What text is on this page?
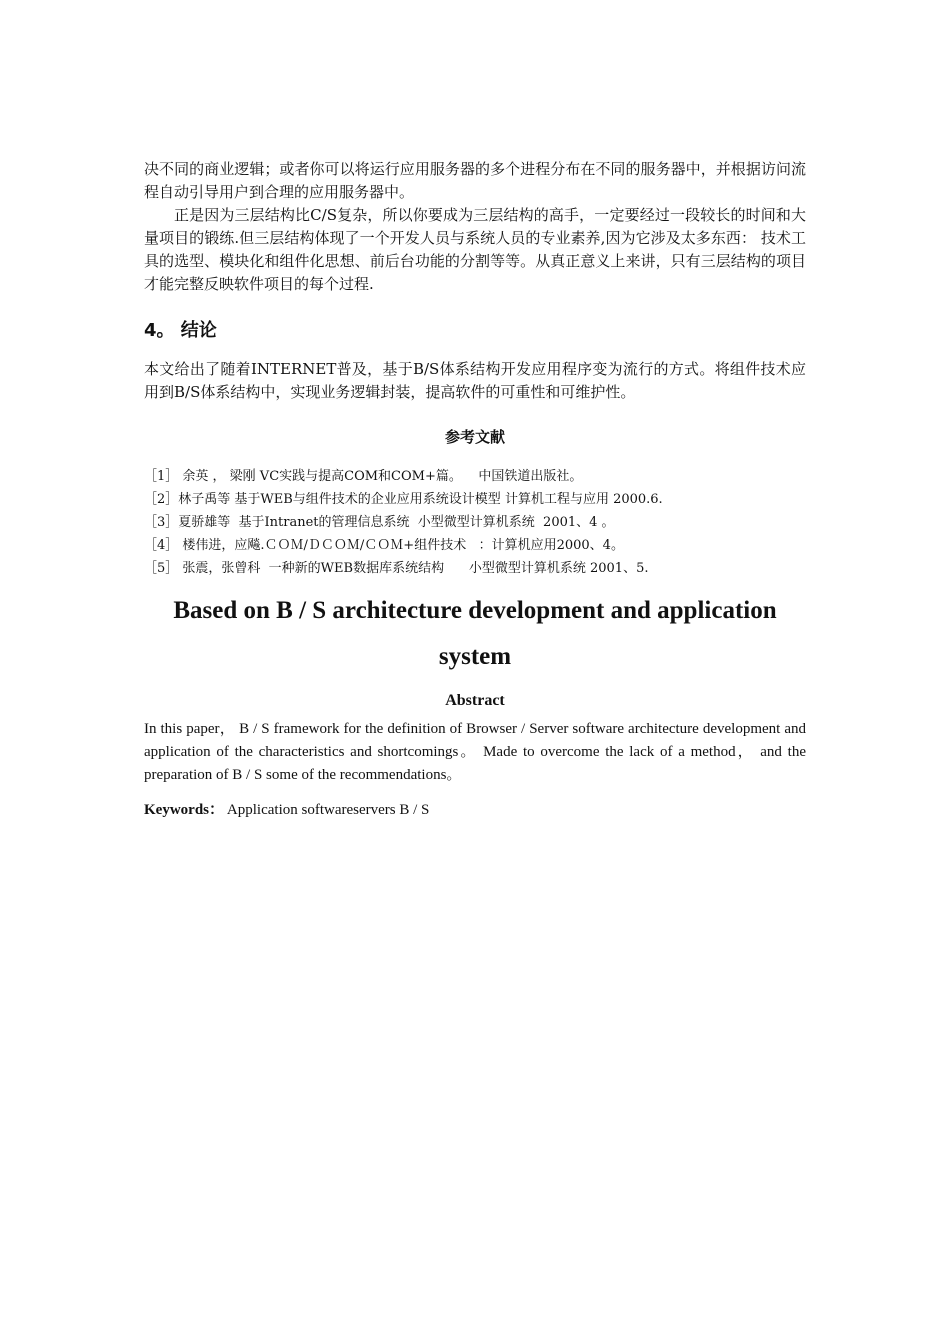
决不同的商业逻辑；或者你可以将运行应用服务器的多个进程分布在不同的服务器中，并根据访问流程自动引导用户到合理的应用服务器中。

正是因为三层结构比C/S复杂，所以你要成为三层结构的高手，一定要经过一段较长的时间和大量项目的锻练.但三层结构体现了一个开发人员与系统人员的专业素养,因为它涉及太多东西： 技术工具的选型、模块化和组件化思想、前后台功能的分割等等。从真正意义上来讲，只有三层结构的项目才能完整反映软件项目的每个过程.

4。 结论

本文给出了随着INTERNET普及，基于B/S体系结构开发应用程序变为流行的方式。将组件技术应用到B/S体系结构中，实现业务逻辑封装，提高软件的可重性和可维护性。

参考文献
［1］ 余英 ， 梁刚 VC实践与提高COM和COM+篇。    中国铁道出版社。
［2］林子禹等 基于WEB与组件技术的企业应用系统设计模型 计算机工程与应用 2000.6.
［3］夏骄雄等  基于Intranet的管理信息系统  小型微型计算机系统  2001、4 。
［4］ 楼伟进，应飚.ＣＯＭ/ＤＣＯＭ/ＣＯＭ+组件技术   ：计算机应用2000、4。
［5］ 张震，张曾科  一种新的WEB数据库系统结构      小型微型计算机系统 2001、5.
Based on B / S architecture development and application system
Abstract

In this paper， B / S framework for the definition of Browser / Server software architecture development and application of the characteristics and shortcomings。 Made to overcome the lack of a method， and the preparation of B / S some of the recommendations。

Keywords： Application softwareservers B / S
